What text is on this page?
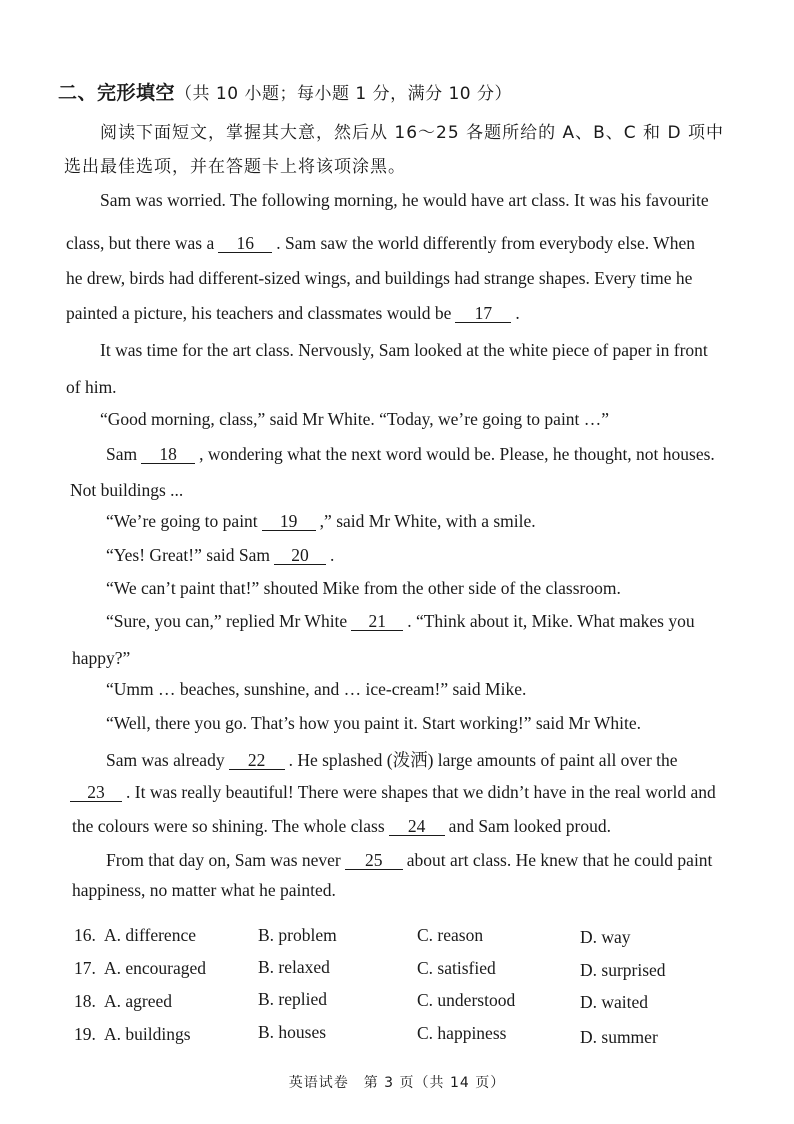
二、完形填空（共 10 小题；每小题 1 分，满分 10 分）
阅读下面短文，掌握其大意，然后从 16～25 各题所给的 A、B、C 和 D 项中选出最佳选项，并在答题卡上将该项涂黑。
Sam was worried. The following morning, he would have art class. It was his favourite
class, but there was a 16 . Sam saw the world differently from everybody else. When
he drew, birds had different-sized wings, and buildings had strange shapes. Every time he
painted a picture, his teachers and classmates would be 17 .
It was time for the art class. Nervously, Sam looked at the white piece of paper in front
of him.
“Good morning, class,” said Mr White. “Today, we’re going to paint …”
Sam 18 , wondering what the next word would be. Please, he thought, not houses.
Not buildings ...
“We’re going to paint 19 ,” said Mr White, with a smile.
“Yes! Great!” said Sam 20 .
“We can’t paint that!” shouted Mike from the other side of the classroom.
“Sure, you can,” replied Mr White 21 . “Think about it, Mike. What makes you
happy?”
“Umm … beaches, sunshine, and … ice-cream!” said Mike.
“Well, there you go. That’s how you paint it. Start working!” said Mr White.
Sam was already 22 . He splashed (泼洒) large amounts of paint all over the
23 . It was really beautiful! There were shapes that we didn’t have in the real world and
the colours were so shining. The whole class 24 and Sam looked proud.
From that day on, Sam was never 25 about art class. He knew that he could paint
happiness, no matter what he painted.
16. A. difference	B. problem	C. reason	D. way
17. A. encouraged	B. relaxed	C. satisfied	D. surprised
18. A. agreed	B. replied	C. understood	D. waited
19. A. buildings	B. houses	C. happiness	D. summer
英语试卷　第 3 页（共 14 页）
